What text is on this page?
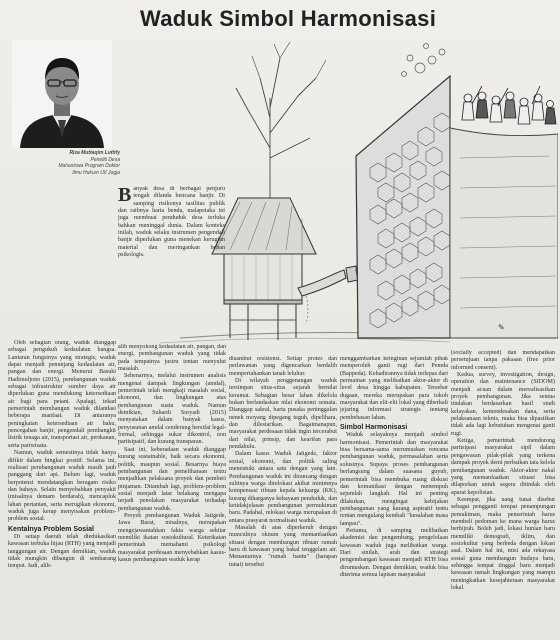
Waduk Simbol Harmonisasi
Riza Muttaqim Luthfy
Peneliti Desa
Mahasiswa Program Doktor
Ilmu Hukum UII Jogja
✎

Banyak desa di berbagai penjuru tengah dilanda bencana banjir. Di samping risikonya tasilitas publik dan raibnya harta benda, malapetaka ini juga membuat penduduk desa terluka bahkan meninggal dunia. Dalam konteks inilah, waduk selaku instrumen pengendali banjir diperlukan guna menekan kerugian material dan meringankan beban psikologis.

Oleh sebagian orang, waduk dianggap sebagai pengukuh kedaulatan bangsa. Lantaran fungsinya yang strategis, waduk dapat menjadi penunjang kedaulatan air, pangan dan energi. Menurut Basuki Hadimuljono (2015), pembangunan waduk sebagai infrastruktur sumber daya air diperlukan guna mendukung ketersediaan air bagi para petani. Apalagi, tekad pemerintah membangun waduk dilandasi beberapa manfaat. Di antaranya peningkatan ketersediaan air baku, pencegahan banjir, pengendali pembangkit listrik tenaga air, transportasi air, perikanan, serta pariwisata.

Namun, waduk semestinya tidak hanya difikir dalam bingkai positif. Selama ini, realisasi pembangunan waduk masih jauh panggang dari api. Belum lagi, waduk berpotensi mendatangkan beragam risiko dan bahaya. Selain menyebabkan penyakit (misalnya demam berdarah), mencaplok lahan pertanian, serta merugikan ekonomi, waduk juga kerap menyisakan problem-problem sosial.

Kentalnya Problem Sosial

Di setiap daerah telah diedukasikan kawasan terbuka hijau (RTH) yang menjadi tanggungan air. Dengan demikian, waduk tidak mungkin dibangun di sembarang tempat. Jadi, alih-

alih menyokong kedaulatan air, pangan, dan energi, pembangunan waduk yang tidak pada tempatnya justru tentan menyulut masalah.

Sebenarnya, melalui instrumen analisis mengenai dampak lingkungan (amdal), pemerintah telah mengkaji masalah sosial, ekonomi, dan lingkungan atas pembangunan suatu waduk. Namun demikian, Suhardi Suryadi (2015) menyatakan dalam banyak kasus, penyusunan amdal cenderung bersifat legal-formal, sehingga sukar dikontrol, non partisipatif, dan kurang transparan.

Saat ini, keberadaan waduk dianggap kurang sustainable, baik secara ekonomi, politik, maupun sosial. Besarnya biaya pembangunan dan pemeliharaan tentu menjadikan pelaksana proyek dan pemberi pinjaman. Ditambah lagi, problem-problem sosial menjadi latar belakang mengapa terjadi penolakan masyarakat terhadap pembangunan waduk.

Proyek pembangunan Waduk Jatigede, Jawa Barat, misalnya, merupakan mengejawantahkan fakta warga sekitar memiliki ikatan sosiokultural. Keterikatan pemerintah memahami psikologi masyarakat perdesaan menyebabkan kasus-kasus pembangunan waduk kerap

disambut resistensi. Setiap protes dan perlawanan yang digencarkan berdalih mempertahankan tanah leluhur.

Di wilayah penggenangan waduk tersimpan situs-situs sejarah bernilai keramat. Sebagian besar lahan dikelola bukan berlandaskan nilai ekonomi semata. Dianggap sakral, harta pusaka peninggalan nenek moyang dipegang teguh, dipelihara, dan dilestarikan. Bagaimanapun, masyarakat perdesaan tidak ingin tercerabut dari nilai, prinsip, dan kearifan para pendahulu.

Dalam kasus Waduk Jatigede, faktor sosial, ekonomi, dan politik saling menentuki antara satu dengan yang lain. Pembangunan waduk ini dirancang dengan sulitnya warga direlokasi akibat minimnya kompensasi ribuan kepala keluarga (KK), kurang diharganya kekayaan penduduk, dan ketidakjelasan pembangunan permukiman baru. Padahal, relokasi warga merupakan di antara prasyarat normalisasi waduk.

Masalah di atas diperkeruh dengan munculnya oknum yang memanfaatkan situasi dengan membangun ribuan rumah baru di kawasan yang bakal tenggelam air. Menamurnya "rumah hantu" (harapan tunai) tersebut

menggambarkan keinginan sejumlah pihak memperoleh ganti rugi dari Pemda (Bappeda). Kehadirannya tidak terlepas dari permainan yang melibatkan aktor-aktor di level desa hingga kabupaten. Tersebar dugaan, mereka merupakan para tokoh masyarakat dan elit-elit lokal yang diberkali jejaring informasi strategis tentang pembebasan lahan.

Simbol Harmonisasi

Waduk selayaknya menjadi simbol harmonisasi. Pemerintah dan masyarakat bisa bersama-sama merumuskan rencana pembangunan waduk, permasalahan serta solusinya. Supaya proses pembangunan berlangsung dalam suasana guyub, pemerintah bisa membuka ruang diskusi dan komunikasi dengan menempuh sejumlah langkah. Hal ini penting dilakukan, mengingat kebijakan pembangunan yang kurang aspiratif tentu rentan mengulang kembali "kesalahan masa lampau".

Pertama, di samping melibatkan akademisi dan pengembang, pengelolaan kawasan waduk juga melibatkan warga. Dari sinilah, arah dan strategi pengembangan kawasan menjadi RTH bisa dirumuskan. Dengan demikian, waduk bisa diterima semua lapisan masyarakat

(socially accepted) dan mendapatkan persetujuan tanpa paksaan (free prior informed consent).

Kedua, survey, investigation, design, operation dan maintenance (SIDOM) menjadi acuan dalam merealisasikan proyek pembangunan. Jika semua tindakan berdasarkan hasil studi kelayakan, kemendesakan dana, serta pelaksanaan teknis, maka bisa dipastikan tidak ada lagi kebutuhan mengenai ganti rugi.

Ketiga, pemerintah mendorong partisipasi masyarakat sipil dalam pengawasan pilak-pilak yang terkena dampak proyek demi perbaikan tata kelola pembangunan waduk. Aktor-aktor nakal yang memanfaatkan situasi bisa dilaporkan untuk segera ditindak oleh aparat kepolisian.

Keempat, jika uang tunai disebut sebagai pengganti tempat penampungan pemukiman, maka pemerintah harus membeli pedoman ke mana warga harus berhijrah. Boleh jadi, lokasi hunian baru memiliki demografi, iklim, dan sosiokultur yang berbeda dengan lokasi asal. Dalam hal ini, misi ada rekayasa sosial guna membangun budaya baru, sehingga tempat tinggal baru menjadi kawasan ramah lingkungan yang mampu meningkatkan kesejahteraan masyarakat lokal.
